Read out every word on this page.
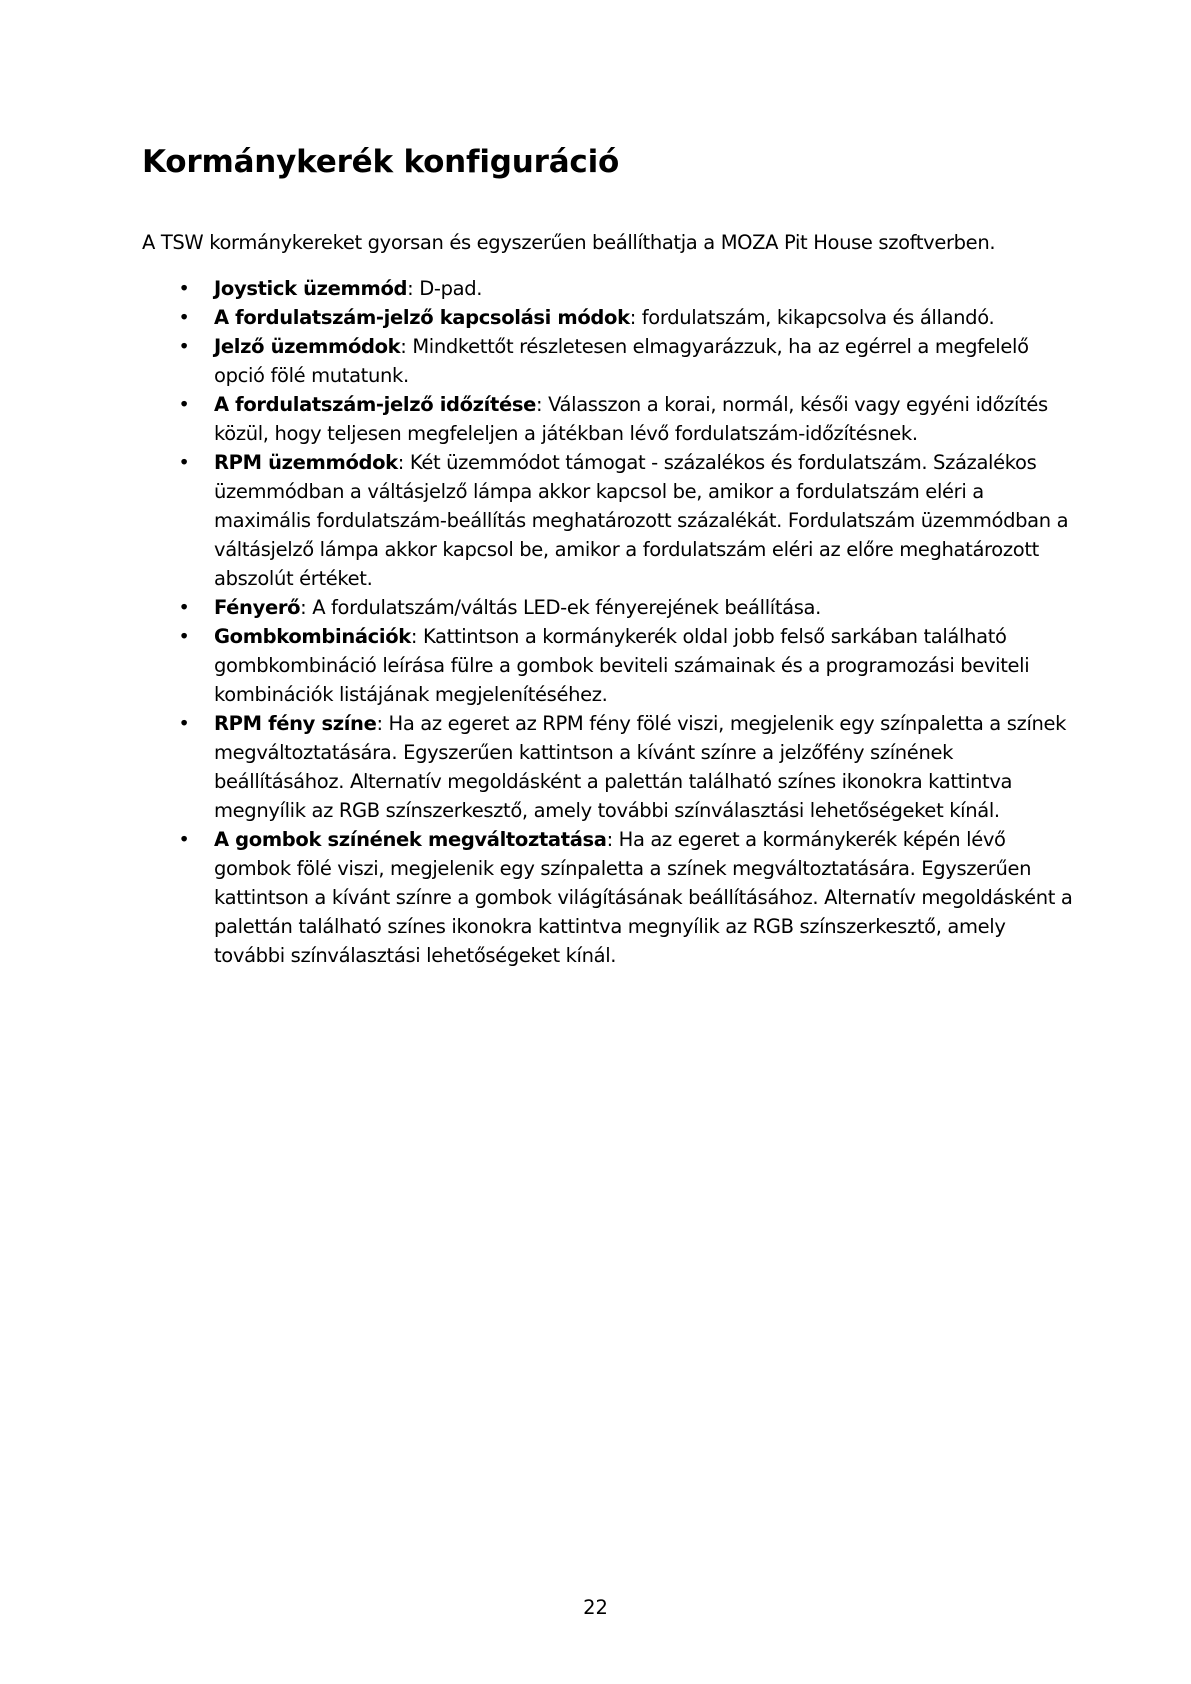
Kormánykerék konfiguráció

A TSW kormánykereket gyorsan és egyszerűen beállíthatja a MOZA Pit House szoftverben.

• Joystick üzemmód: D-pad.
• A fordulatszám-jelző kapcsolási módok: fordulatszám, kikapcsolva és állandó.
• Jelző üzemmódok: Mindkettőt részletesen elmagyarázzuk, ha az egérrel a megfelelő opció fölé mutatunk.
• A fordulatszám-jelző időzítése: Válasszon a korai, normál, késői vagy egyéni időzítés közül, hogy teljesen megfeleljen a játékban lévő fordulatszám-időzítésnek.
• RPM üzemmódok: Két üzemmódot támogat - százalékos és fordulatszám. Százalékos üzemmódban a váltásjelző lámpa akkor kapcsol be, amikor a fordulatszám eléri a maximális fordulatszám-beállítás meghatározott százalékát. Fordulatszám üzemmódban a váltásjelző lámpa akkor kapcsol be, amikor a fordulatszám eléri az előre meghatározott abszolút értéket.
• Fényerő: A fordulatszám/váltás LED-ek fényerejének beállítása.
• Gombkombinációk: Kattintson a kormánykerék oldal jobb felső sarkában található gombkombináció leírása fülre a gombok beviteli számainak és a programozási beviteli kombinációk listájának megjelenítéséhez.
• RPM fény színe: Ha az egeret az RPM fény fölé viszi, megjelenik egy színpaletta a színek megváltoztatására. Egyszerűen kattintson a kívánt színre a jelzőfény színének beállításához. Alternatív megoldásként a palettán található színes ikonokra kattintva megnyílik az RGB színszerkesztő, amely további színválasztási lehetőségeket kínál.
• A gombok színének megváltoztatása: Ha az egeret a kormánykerék képén lévő gombok fölé viszi, megjelenik egy színpaletta a színek megváltoztatására. Egyszerűen kattintson a kívánt színre a gombok világításának beállításához. Alternatív megoldásként a palettán található színes ikonokra kattintva megnyílik az RGB színszerkesztő, amely további színválasztási lehetőségeket kínál.

22
